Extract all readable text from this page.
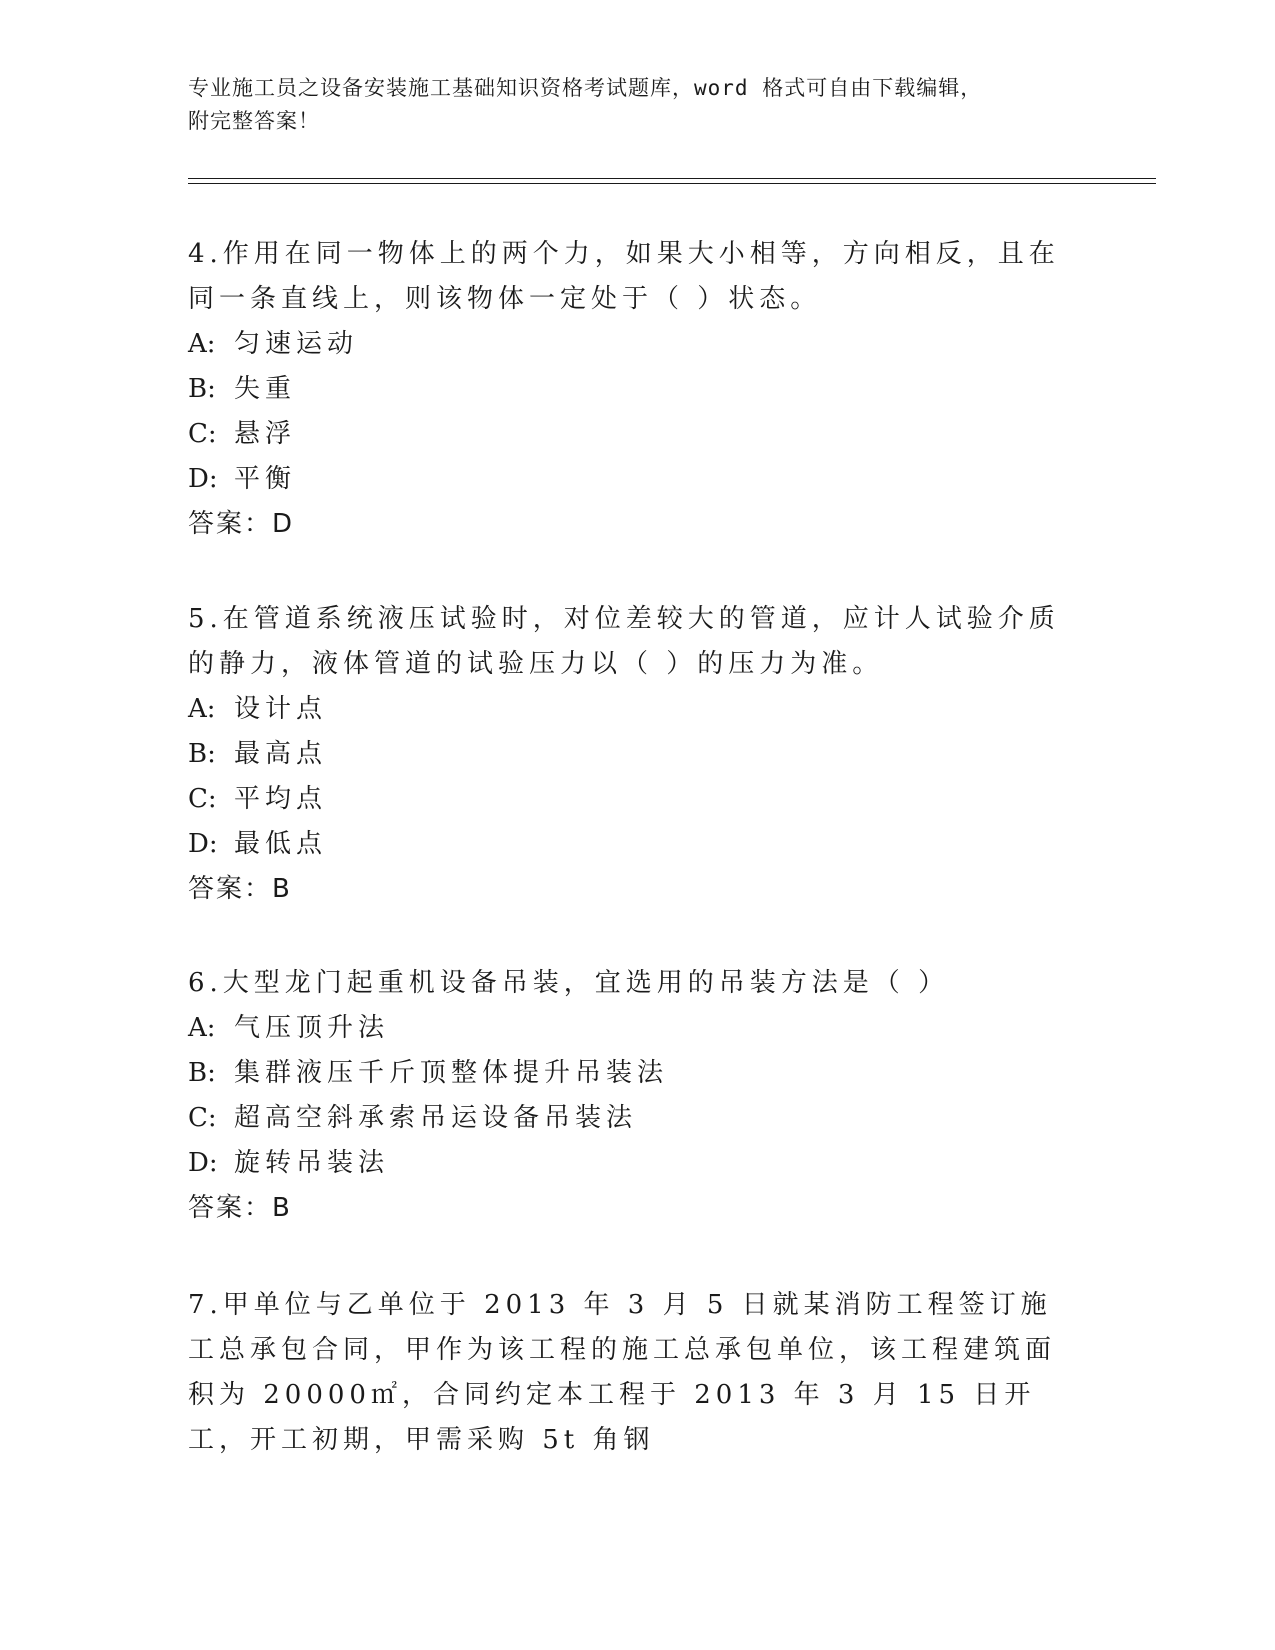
专业施工员之设备安装施工基础知识资格考试题库，word 格式可自由下载编辑，
附完整答案！

4.作用在同一物体上的两个力，如果大小相等，方向相反，且在同一条直线上，则该物体一定处于（ ）状态。

A: 匀速运动

B: 失重

C: 悬浮

D: 平衡

答案：D

5.在管道系统液压试验时，对位差较大的管道，应计人试验介质的静力，液体管道的试验压力以（ ）的压力为准。

A: 设计点

B: 最高点

C: 平均点

D: 最低点

答案：B

6.大型龙门起重机设备吊装，宜选用的吊装方法是（ ）

A: 气压顶升法

B: 集群液压千斤顶整体提升吊装法

C: 超高空斜承索吊运设备吊装法

D: 旋转吊装法

答案：B

7.甲单位与乙单位于 2013 年 3 月 5 日就某消防工程签订施工总承包合同，甲作为该工程的施工总承包单位，该工程建筑面积为 20000㎡，合同约定本工程于 2013 年 3 月 15 日开工，开工初期，甲需采购 5t 角钢
